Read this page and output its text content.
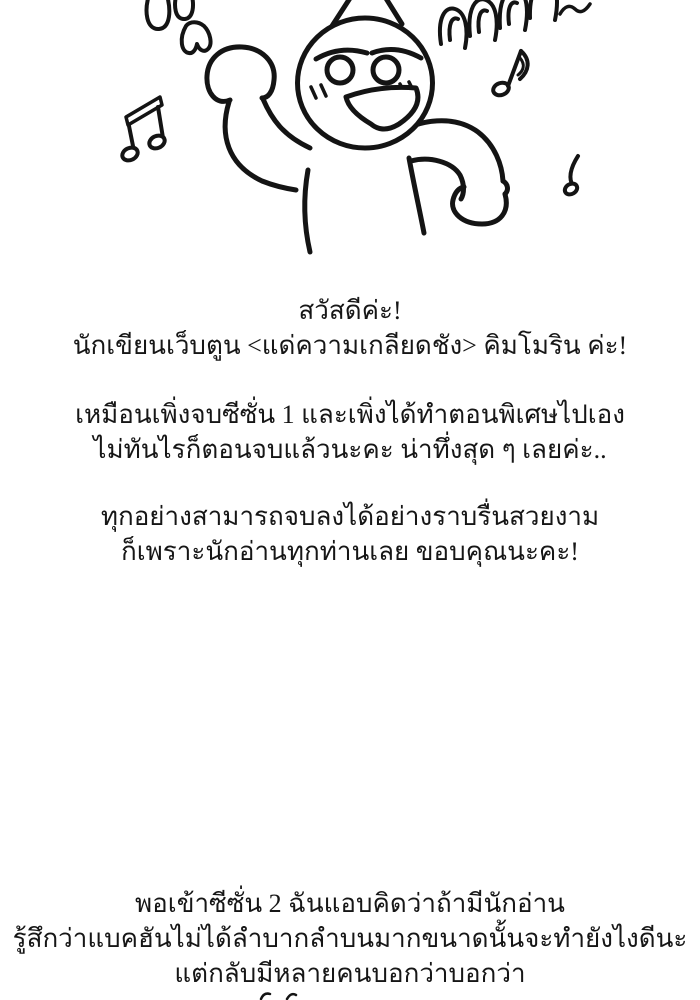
สวัสดีค่ะ!
นักเขียนเว็บตูน <แด่ความเกลียดชัง> คิมโมริน ค่ะ!
เหมือนเพิ่งจบซีซั่น 1 และเพิ่งได้ทำตอนพิเศษไปเอง
ไม่ทันไรก็ตอนจบแล้วนะคะ น่าทึ่งสุด ๆ เลยค่ะ..
ทุกอย่างสามารถจบลงได้อย่างราบรื่นสวยงาม
ก็เพราะนักอ่านทุกท่านเลย ขอบคุณนะคะ!
พอเข้าซีซั่น 2 ฉันแอบคิดว่าถ้ามีนักอ่าน
รู้สึกว่าแบคฮันไม่ได้ลำบากลำบนมากขนาดนั้นจะทำยังไงดีนะ
แต่กลับมีหลายคนบอกว่าบอกว่า
